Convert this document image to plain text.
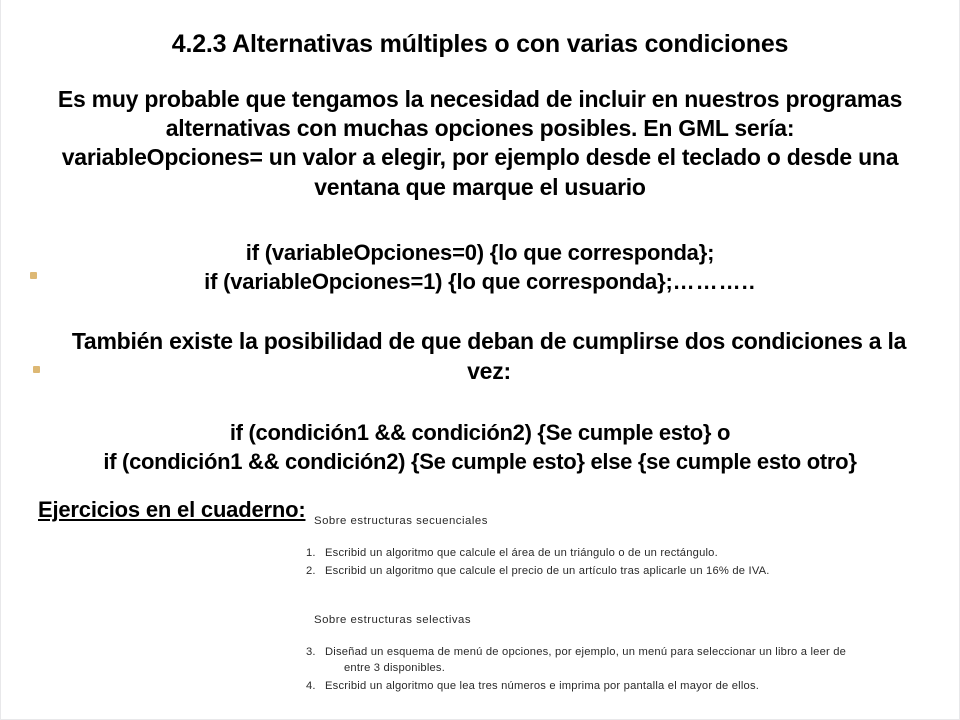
4.2.3 Alternativas múltiples o con varias condiciones

Es muy probable que tengamos la necesidad de incluir en nuestros programas
alternativas con muchas opciones posibles. En GML sería:
variableOpciones= un valor a elegir, por ejemplo desde el teclado o desde una
ventana que marque el usuario

if (variableOpciones=0) {lo que corresponda};
if (variableOpciones=1) {lo que corresponda};………..

También existe la posibilidad de que deban de cumplirse dos condiciones a la
vez:

if (condición1 && condición2) {Se cumple esto} o
if (condición1 && condición2) {Se cumple esto} else {se cumple esto otro}

Ejercicios en el cuaderno: Sobre estructuras secuenciales
1. Escribid un algoritmo que calcule el área de un triángulo o de un rectángulo.
2. Escribid un algoritmo que calcule el precio de un artículo tras aplicarle un 16% de IVA.
Sobre estructuras selectivas
3. Diseñad un esquema de menú de opciones, por ejemplo, un menú para seleccionar un libro a leer de
entre 3 disponibles.
4. Escribid un algoritmo que lea tres números e imprima por pantalla el mayor de ellos.
